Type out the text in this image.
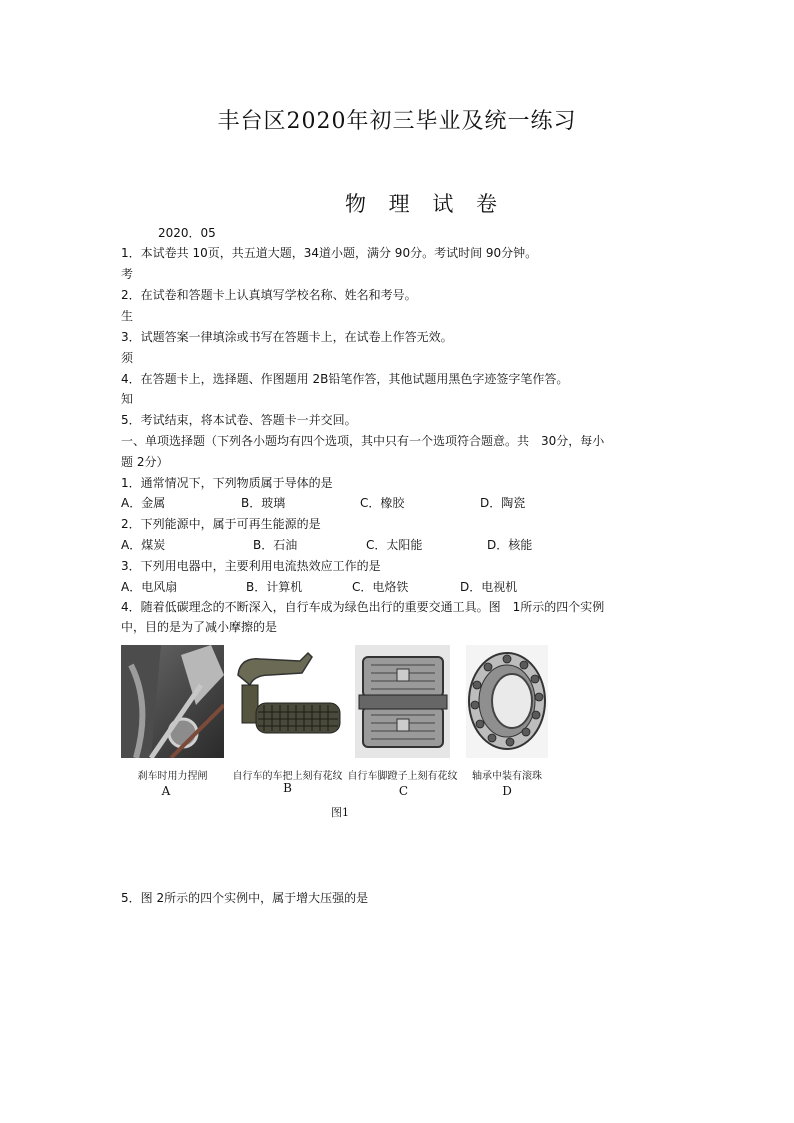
丰台区2020年初三毕业及统一练习
物 理 试 卷
2020．05
1．本试卷共 10页，共五道大题，34道小题，满分 90分。考试时间 90分钟。
考
2．在试卷和答题卡上认真填写学校名称、姓名和考号。
生
3．试题答案一律填涂或书写在答题卡上，在试卷上作答无效。
须
4．在答题卡上，选择题、作图题用 2B铅笔作答，其他试题用黑色字迹签字笔作答。
知
5．考试结束，将本试卷、答题卡一并交回。
一、单项选择题（下列各小题均有四个选项，其中只有一个选项符合题意。共　30分，每小
题 2分）
1．通常情况下，下列物质属于导体的是
A．金属	B．玻璃	C．橡胶	D．陶瓷
2．下列能源中，属于可再生能源的是
A．煤炭	B．石油	C．太阳能	D．核能
3．下列用电器中，主要利用电流热效应工作的是
A．电风扇	B．计算机	C．电烙铁	D．电视机
4．随着低碳理念的不断深入，自行车成为绿色出行的重要交通工具。图　1所示的四个实例
中，目的是为了减小摩擦的是
刹车时用力捏闸	自行车的车把上刻有花纹 自行车脚蹬子上刻有花纹	轴承中装有滚珠
A	B	C	D
图1
5．图 2所示的四个实例中，属于增大压强的是
